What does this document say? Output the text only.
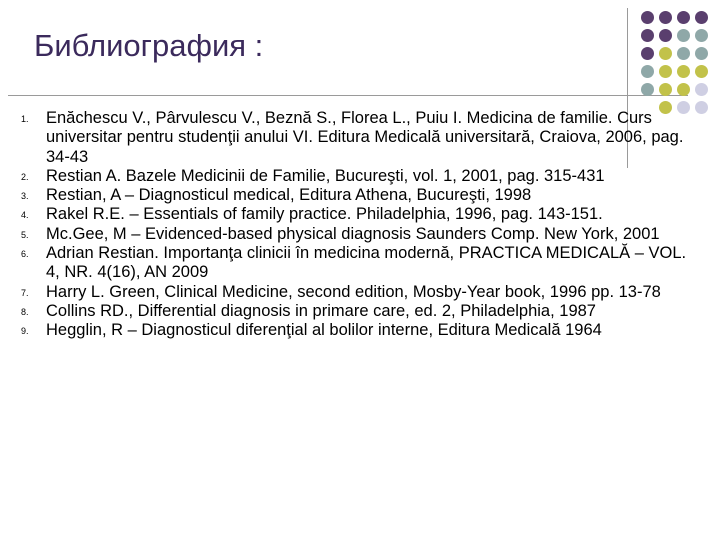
Библиография :
1. Enăchescu V., Pârvulescu V., Beznă S., Florea L., Puiu I. Medicina de familie. Curs universitar pentru studenţii anului VI. Editura Medicală universitară, Craiova, 2006, pag. 34-43
2. Restian A. Bazele Medicinii de Familie, Bucureşti, vol. 1, 2001, pag. 315-431
3. Restian, A – Diagnosticul medical, Editura Athena, Bucureşti, 1998
4. Rakel R.E. – Essentials of family practice. Philadelphia, 1996, pag. 143-151.
5. Mc.Gee, M – Evidenced-based physical diagnosis Saunders Comp. New York, 2001
6. Adrian Restian. Importanţa clinicii în medicina modernă, PRACTICA MEDICALĂ – VOL. 4, NR. 4(16), AN 2009
7. Harry L. Green, Clinical Medicine, second edition, Mosby-Year book, 1996 pp. 13-78
8. Collins RD., Differential diagnosis in primare care, ed. 2, Philadelphia, 1987
9. Hegglin, R – Diagnosticul diferenţial al bolilor interne, Editura Medicală 1964
